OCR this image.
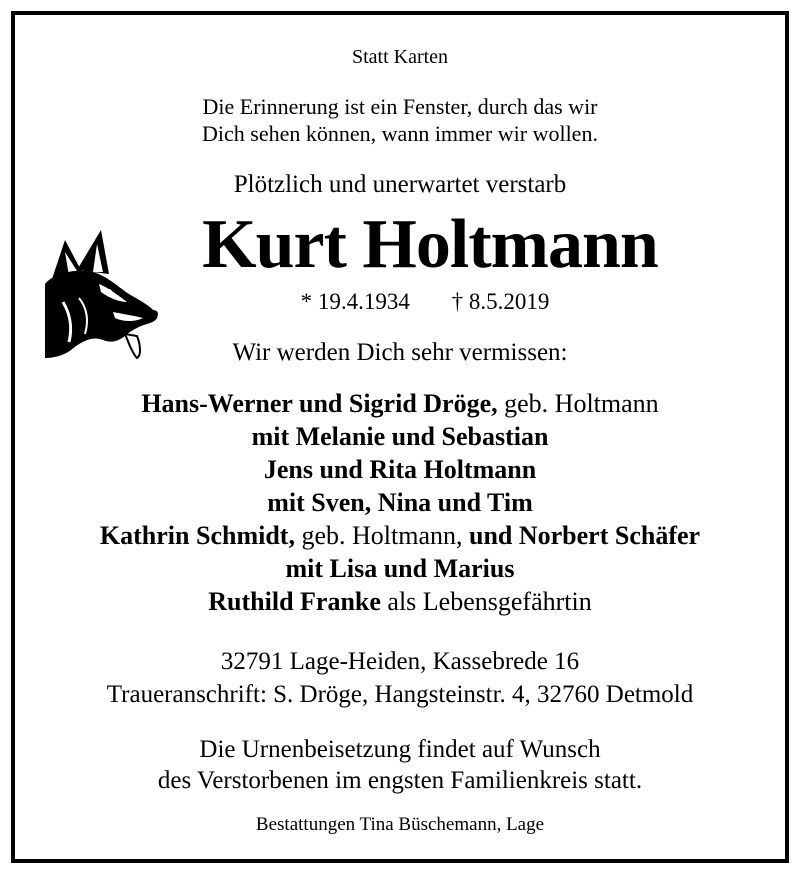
Statt Karten
Die Erinnerung ist ein Fenster, durch das wir
Dich sehen können, wann immer wir wollen.
Plötzlich und unerwartet verstarb
Kurt Holtmann
* 19.4.1934 † 8.5.2019
Wir werden Dich sehr vermissen:
Hans-Werner und Sigrid Dröge, geb. Holtmann
mit Melanie und Sebastian
Jens und Rita Holtmann
mit Sven, Nina und Tim
Kathrin Schmidt, geb. Holtmann, und Norbert Schäfer
mit Lisa und Marius
Ruthild Franke als Lebensgefährtin
32791 Lage-Heiden, Kassebrede 16
Traueranschrift: S. Dröge, Hangsteinstr. 4, 32760 Detmold
Die Urnenbeisetzung findet auf Wunsch
des Verstorbenen im engsten Familienkreis statt.
Bestattungen Tina Büschemann, Lage
